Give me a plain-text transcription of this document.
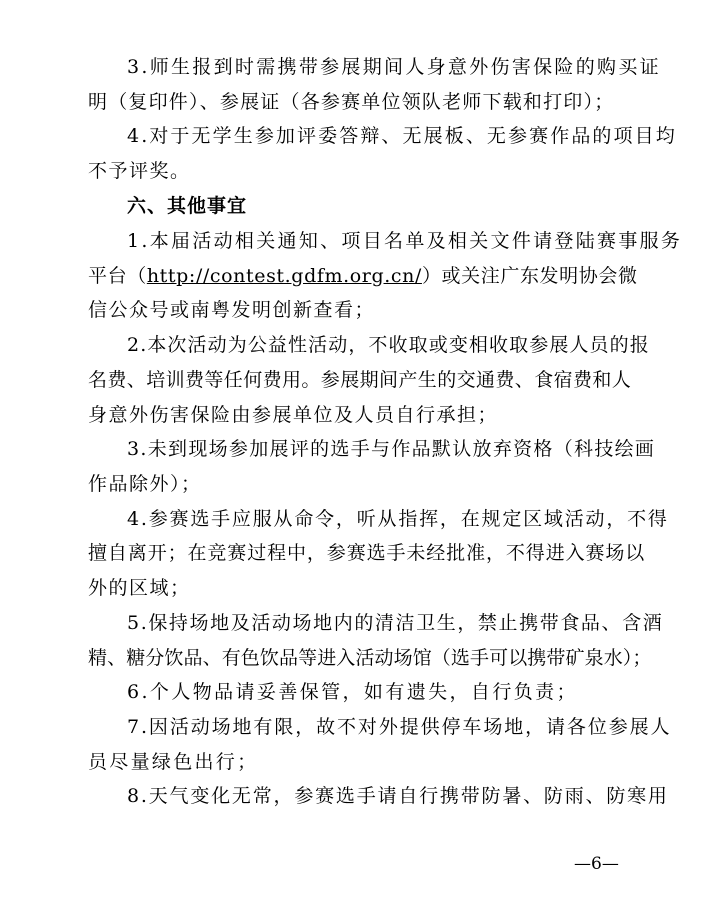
3.师生报到时需携带参展期间人身意外伤害保险的购买证
明（复印件）、参展证（各参赛单位领队老师下载和打印）；
4.对于无学生参加评委答辩、无展板、无参赛作品的项目均
不予评奖。
六、其他事宜
1.本届活动相关通知、项目名单及相关文件请登陆赛事服务
平台（http://contest.gdfm.org.cn/）或关注广东发明协会微
信公众号或南粤发明创新查看；
2.本次活动为公益性活动，不收取或变相收取参展人员的报
名费、培训费等任何费用。参展期间产生的交通费、食宿费和人
身意外伤害保险由参展单位及人员自行承担；
3.未到现场参加展评的选手与作品默认放弃资格（科技绘画
作品除外）；
4.参赛选手应服从命令，听从指挥，在规定区域活动，不得
擅自离开；在竞赛过程中，参赛选手未经批准，不得进入赛场以
外的区域；
5.保持场地及活动场地内的清洁卫生，禁止携带食品、含酒
精、糖分饮品、有色饮品等进入活动场馆（选手可以携带矿泉水）；
6.个人物品请妥善保管，如有遗失，自行负责；
7.因活动场地有限，故不对外提供停车场地，请各位参展人
员尽量绿色出行；
8.天气变化无常，参赛选手请自行携带防暑、防雨、防寒用
—6—
